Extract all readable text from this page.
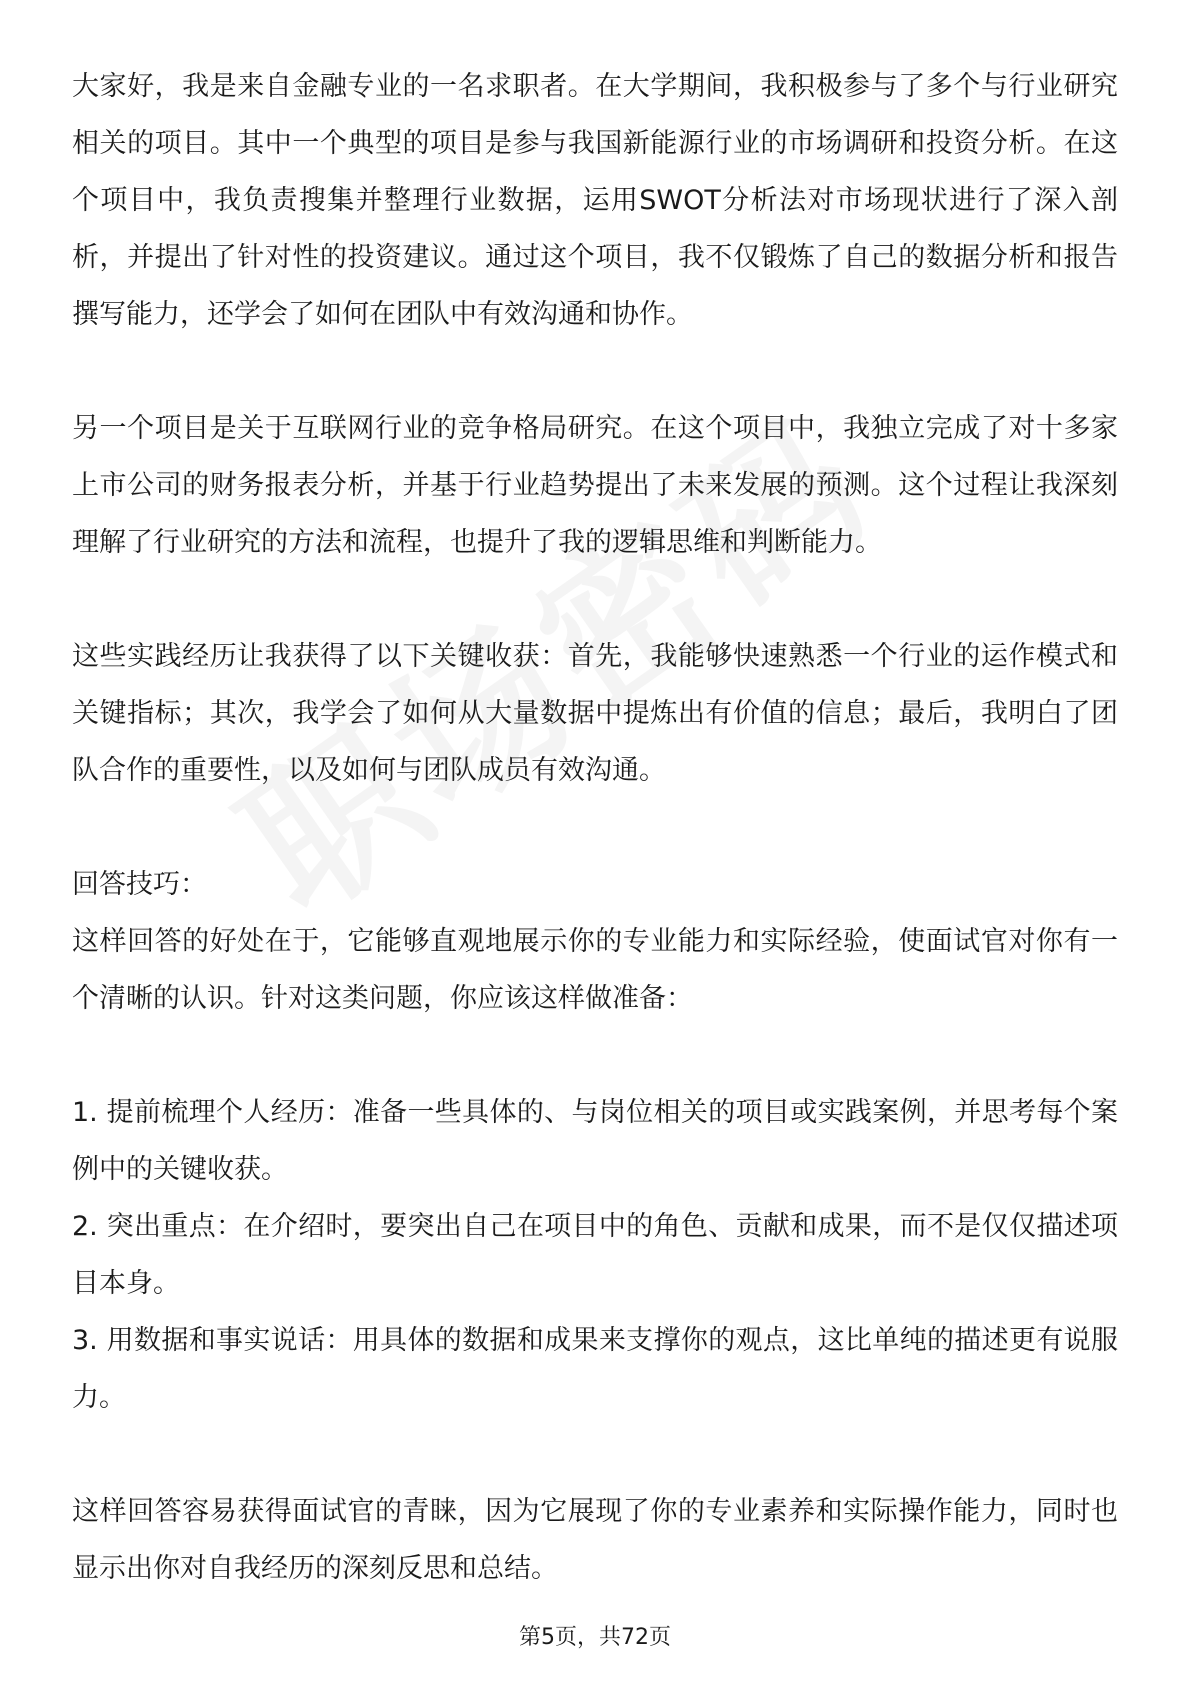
大家好，我是来自金融专业的一名求职者。在大学期间，我积极参与了多个与行业研究相关的项目。其中一个典型的项目是参与我国新能源行业的市场调研和投资分析。在这个项目中，我负责搜集并整理行业数据，运用SWOT分析法对市场现状进行了深入剖析，并提出了针对性的投资建议。通过这个项目，我不仅锻炼了自己的数据分析和报告撰写能力，还学会了如何在团队中有效沟通和协作。

另一个项目是关于互联网行业的竞争格局研究。在这个项目中，我独立完成了对十多家上市公司的财务报表分析，并基于行业趋势提出了未来发展的预测。这个过程让我深刻理解了行业研究的方法和流程，也提升了我的逻辑思维和判断能力。

这些实践经历让我获得了以下关键收获：首先，我能够快速熟悉一个行业的运作模式和关键指标；其次，我学会了如何从大量数据中提炼出有价值的信息；最后，我明白了团队合作的重要性，以及如何与团队成员有效沟通。

回答技巧：

这样回答的好处在于，它能够直观地展示你的专业能力和实际经验，使面试官对你有一个清晰的认识。针对这类问题，你应该这样做准备：

1. 提前梳理个人经历：准备一些具体的、与岗位相关的项目或实践案例，并思考每个案例中的关键收获。

2. 突出重点：在介绍时，要突出自己在项目中的角色、贡献和成果，而不是仅仅描述项目本身。

3. 用数据和事实说话：用具体的数据和成果来支撑你的观点，这比单纯的描述更有说服力。

这样回答容易获得面试官的青睐，因为它展现了你的专业素养和实际操作能力，同时也显示出你对自我经历的深刻反思和总结。

第5页，共72页
